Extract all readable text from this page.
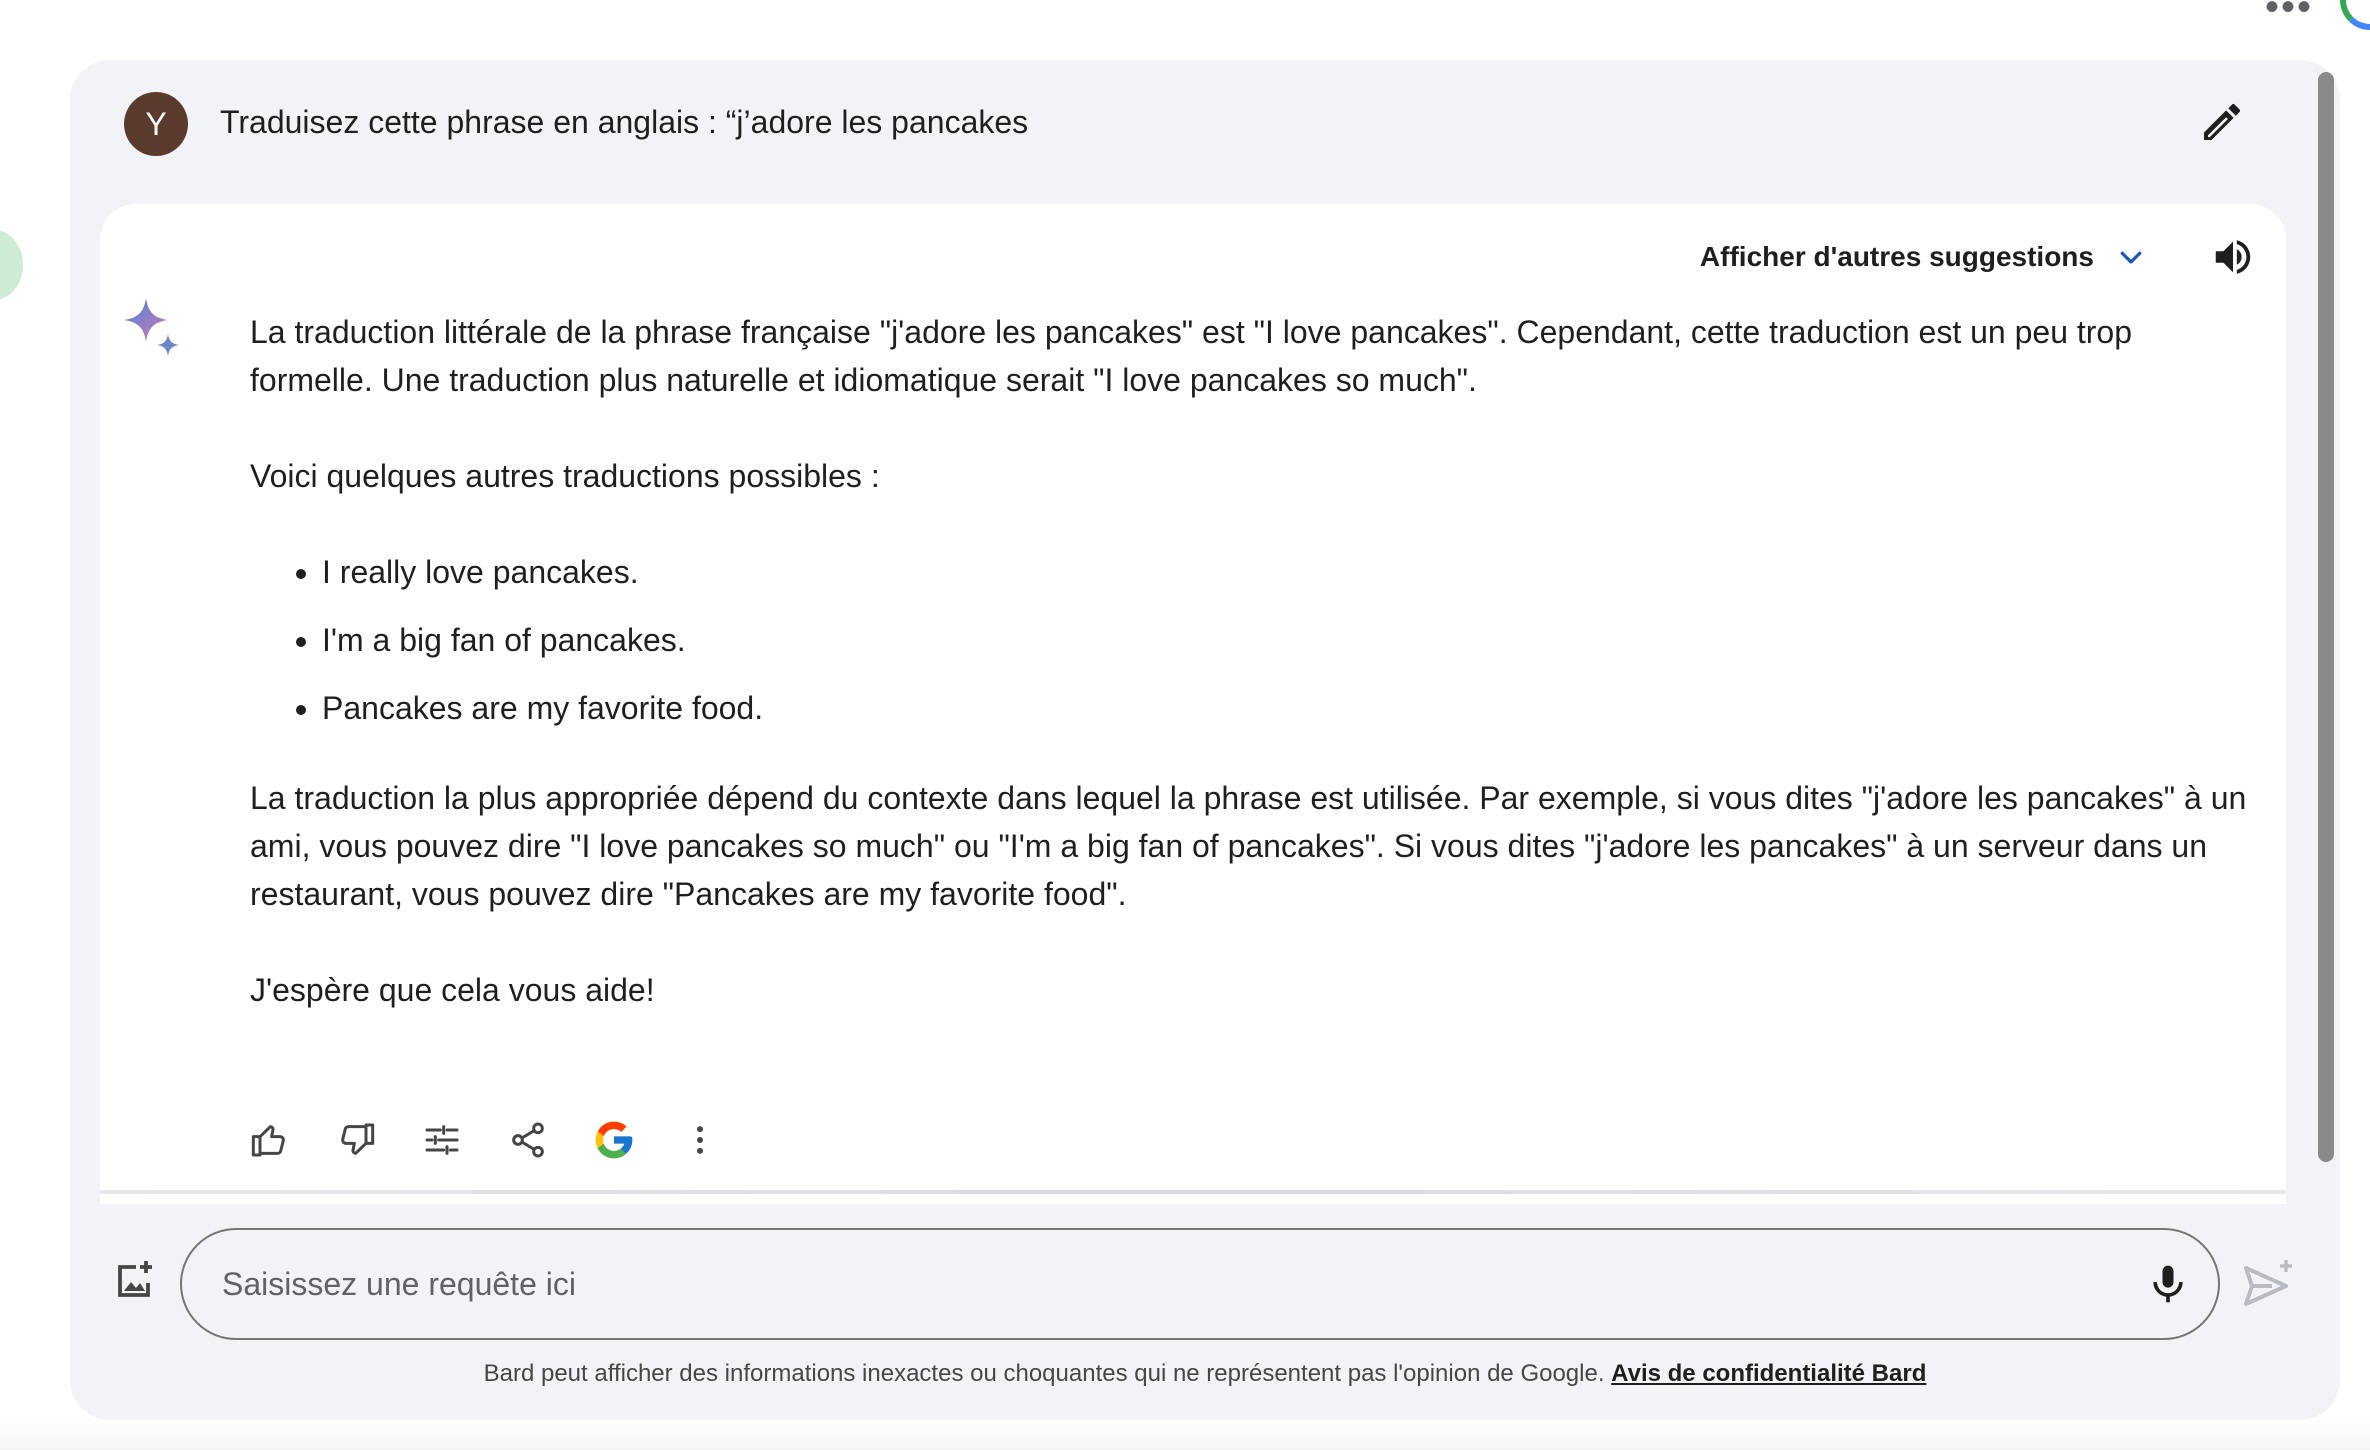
•••
Y	Traduisez cette phrase en anglais : “j’adore les pancakes
Afficher d'autres suggestions

La traduction littérale de la phrase française "j'adore les pancakes" est "I love pancakes". Cependant, cette traduction est un peu trop formelle. Une traduction plus naturelle et idiomatique serait "I love pancakes so much".

Voici quelques autres traductions possibles :

• I really love pancakes.
• I'm a big fan of pancakes.
• Pancakes are my favorite food.

La traduction la plus appropriée dépend du contexte dans lequel la phrase est utilisée. Par exemple, si vous dites "j'adore les pancakes" à un ami, vous pouvez dire "I love pancakes so much" ou "I'm a big fan of pancakes". Si vous dites "j'adore les pancakes" à un serveur dans un restaurant, vous pouvez dire "Pancakes are my favorite food".

J'espère que cela vous aide!

Saisissez une requête ici
Bard peut afficher des informations inexactes ou choquantes qui ne représentent pas l'opinion de Google. Avis de confidentialité Bard
